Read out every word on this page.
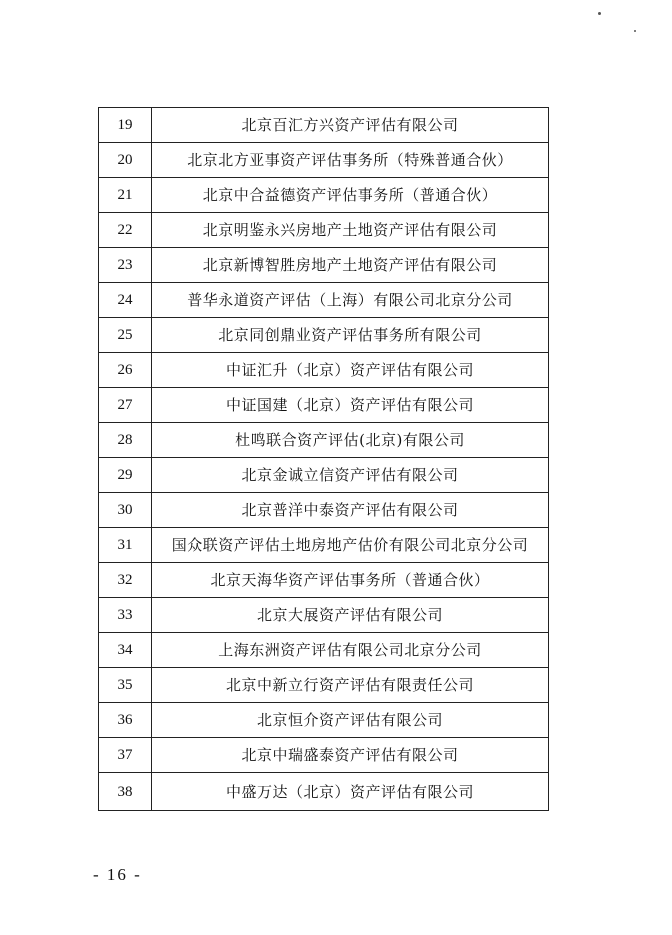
19	北京百汇方兴资产评估有限公司
20	北京北方亚事资产评估事务所（特殊普通合伙）
21	北京中合益德资产评估事务所（普通合伙）
22	北京明鉴永兴房地产土地资产评估有限公司
23	北京新博智胜房地产土地资产评估有限公司
24	普华永道资产评估（上海）有限公司北京分公司
25	北京同创鼎业资产评估事务所有限公司
26	中证汇升（北京）资产评估有限公司
27	中证国建（北京）资产评估有限公司
28	杜鸣联合资产评估(北京)有限公司
29	北京金诚立信资产评估有限公司
30	北京普洋中泰资产评估有限公司
31	国众联资产评估土地房地产估价有限公司北京分公司
32	北京天海华资产评估事务所（普通合伙）
33	北京大展资产评估有限公司
34	上海东洲资产评估有限公司北京分公司
35	北京中新立行资产评估有限责任公司
36	北京恒介资产评估有限公司
37	北京中瑞盛泰资产评估有限公司
38	中盛万达（北京）资产评估有限公司
- 16 -
